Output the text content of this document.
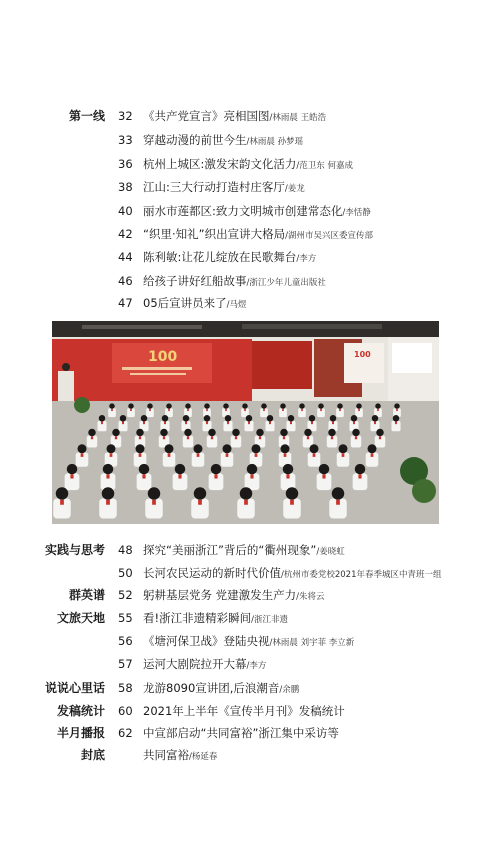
第一线 32 《共产党宣言》亮相国图/林雨晨 王皓浩
33 穿越动漫的前世今生/林雨晨 孙梦瑶
36 杭州上城区:激发宋韵文化活力/范卫东 何嘉成
38 江山:三大行动打造村庄客厅/姜龙
40 丽水市莲都区:致力文明城市创建常态化/李恬静
42 “织里·知礼”织出宣讲大格局/湖州市吴兴区委宣传部
44 陈利敏:让花儿绽放在民歌舞台/李方
46 给孩子讲好红船故事/浙江少年儿童出版社
47 05后宣讲员来了/马煜
100	100
实践与思考 48 探究“美丽浙江”背后的“衢州现象”/姜晓虹
50 长河农民运动的新时代价值/杭州市委党校2021年春季城区中青班一组
群英谱 52 躬耕基层党务 党建激发生产力/朱将云
文旅天地 55 看!浙江非遗精彩瞬间/浙江非遗
56 《塘河保卫战》登陆央视/林雨晨 刘宇菲 李立新
57 运河大剧院拉开大幕/李方
说说心里话 58 龙游8090宣讲团,后浪潮音/余鹏
发稿统计 60 2021年上半年《宣传半月刊》发稿统计
半月播报 62 中宣部启动“共同富裕”浙江集中采访等
封底	共同富裕/杨延春
